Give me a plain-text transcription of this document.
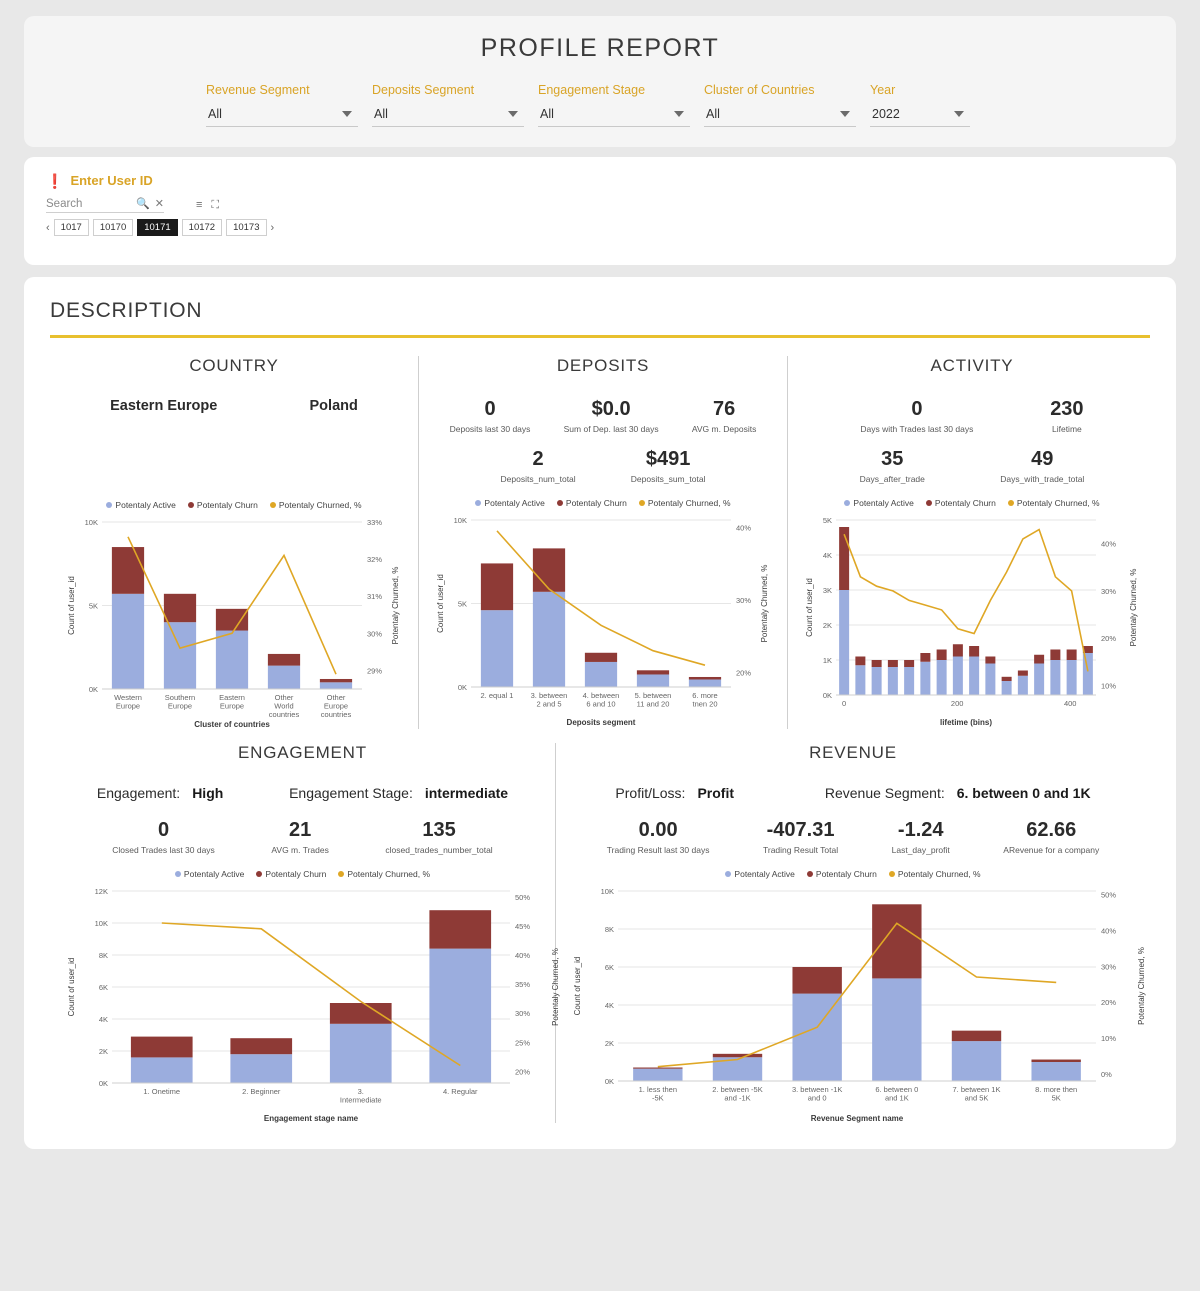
PROFILE REPORT
Revenue Segment
All
Deposits Segment
All
Engagement Stage
All
Cluster of Countries
All
Year
2022
❗ Enter User ID
Search	🔍 ✕	≡ ⛶
‹	1017	10170	10171	10172	10173	›
DESCRIPTION
COUNTRY
Eastern Europe	Poland
Potentaly Active Potentaly Churn Potentaly Churned, %
0K
5K
10K
29%
30%
31%
32%
33%
Western
Europe
Southern
Europe
Eastern
Europe
Other
World
countries
Other
Europe
countries
Cluster of countries
Count of user_id	Potentaly Churned, %
DEPOSITS
0
Deposits last 30 days
$0.0
Sum of Dep. last 30 days
76
AVG m. Deposits
2
Deposits_num_total
$491
Deposits_sum_total
Potentaly Active Potentaly Churn Potentaly Churned, %
0K
5K
10K
20%
30%
40%
2. equal 1 3. between
2 and 5
4. between
6 and 10
5. between
11 and 20
6. more
tnen 20
Deposits segment
Count of user_id	Potentaly Churned, %
ACTIVITY
0
Days with Trades last 30 days
230
Lifetime
35
Days_after_trade
49
Days_with_trade_total
Potentaly Active Potentaly Churn Potentaly Churned, %
0K
1K
2K
3K
4K
5K
10%
20%
30%
40%
0	200	400
lifetime (bins)
Count of user_id	Potentaly Churned, %
ENGAGEMENT
Engagement: High	Engagement Stage: intermediate
0
Closed Trades last 30 days
21
AVG m. Trades
135
closed_trades_number_total
Potentaly Active Potentaly Churn Potentaly Churned, %
0K
2K
4K
6K
8K
10K
12K
20%
25%
30%
35%
40%
45%
50%
1. Onetime	2. Beginner	3.
Intermediate
4. Regular
Engagement stage name
Count of user_id	Potentaly Churned, %
REVENUE
Profit/Loss: Profit	Revenue Segment: 6. between 0 and 1K
0.00
Trading Result last 30 days
-407.31
Trading Result Total
-1.24
Last_day_profit
62.66
ARevenue for a company
Potentaly Active Potentaly Churn Potentaly Churned, %
0K
2K
4K
6K
8K
10K
0%
10%
20%
30%
40%
50%
1. less then
-5K
2. between -5K
and -1K
3. between -1K
and 0
6. between 0
and 1K
7. between 1K
and 5K
8. more then
5K
Revenue Segment name
Count of user_id	Potentaly Churned, %
